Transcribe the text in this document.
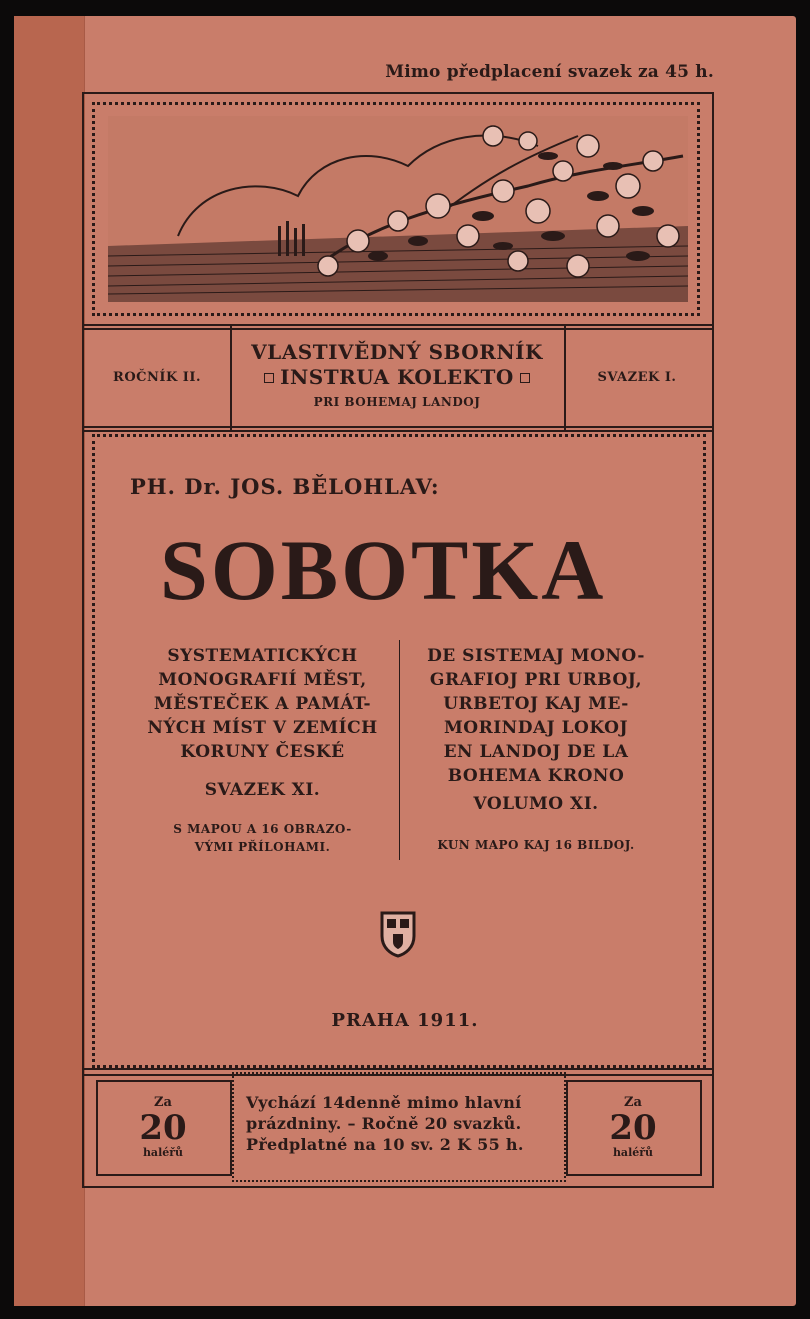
Mimo předplacení svazek za 45 h.
ROČNÍK II.
VLASTIVĚDNÝ SBORNÍK
INSTRUA KOLEKTO
PRI BOHEMAJ LANDOJ
SVAZEK I.
PH. Dr. JOS. BĚLOHLAV:
SOBOTKA
SYSTEMATICKÝCH
MONOGRAFIÍ MĚST,
MĚSTEČEK A PAMÁT-
NÝCH MÍST V ZEMÍCH
KORUNY ČESKÉ
SVAZEK XI.
S MAPOU A 16 OBRAZO-
VÝMI PŘÍLOHAMI.
DE SISTEMAJ MONO-
GRAFIOJ PRI URBOJ,
URBETOJ KAJ ME-
MORINDAJ LOKOJ
EN LANDOJ DE LA
BOHEMA KRONO
VOLUMO XI.
KUN MAPO KAJ 16 BILDOJ.
PRAHA 1911.
Za
20
haléřů
Za
20
haléřů
Vychází 14denně mimo hlavní
prázdniny. – Ročně 20 svazků.
Předplatné na 10 sv. 2 K 55 h.
